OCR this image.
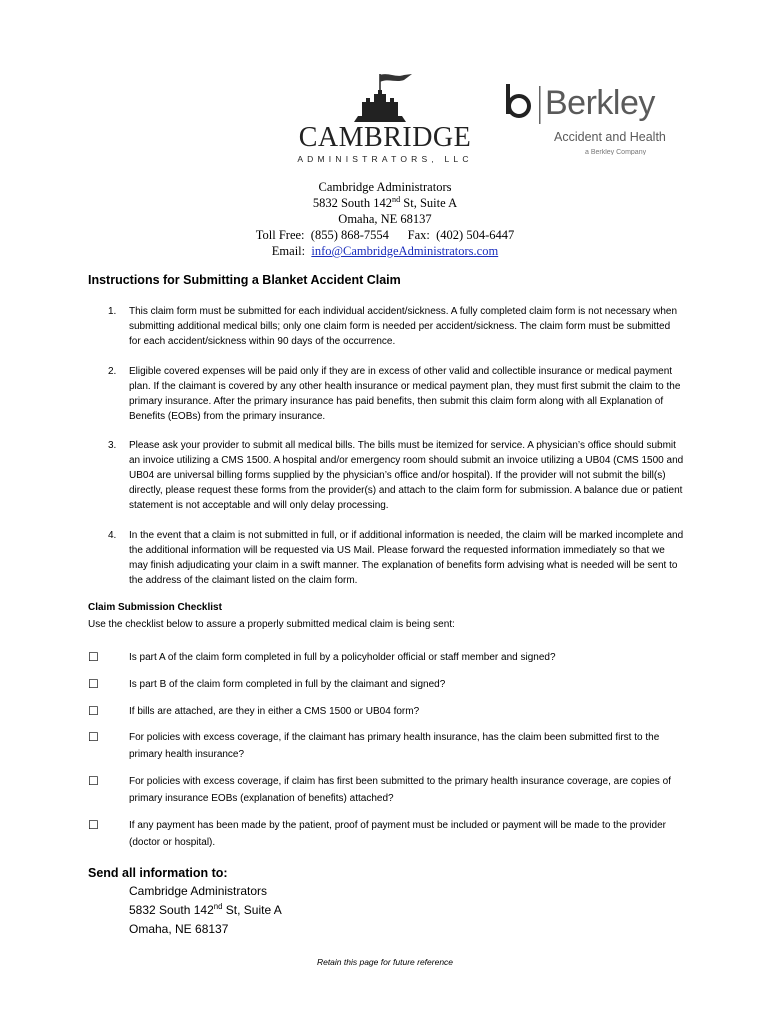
CAMBRIDGE
ADMINISTRATORS, LLC
Berkley
Accident and Health
a Berkley Company
Cambridge Administrators
5832 South 142nd St, Suite A
Omaha, NE 68137
Toll Free:  (855) 868-7554      Fax:  (402) 504-6447
Email:  info@CambridgeAdministrators.com
Instructions for Submitting a Blanket Accident Claim
1. This claim form must be submitted for each individual accident/sickness. A fully completed claim form is not necessary when submitting additional medical bills; only one claim form is needed per accident/sickness. The claim form must be submitted for each accident/sickness within 90 days of the occurrence.

2. Eligible covered expenses will be paid only if they are in excess of other valid and collectible insurance or medical payment plan. If the claimant is covered by any other health insurance or medical payment plan, they must first submit the claim to the primary insurance. After the primary insurance has paid benefits, then submit this claim form along with all Explanation of Benefits (EOBs) from the primary insurance.

3. Please ask your provider to submit all medical bills. The bills must be itemized for service. A physician’s office should submit an invoice utilizing a CMS 1500. A hospital and/or emergency room should submit an invoice utilizing a UB04 (CMS 1500 and UB04 are universal billing forms supplied by the physician’s office and/or hospital). If the provider will not submit the bill(s) directly, please request these forms from the provider(s) and attach to the claim form for submission. A balance due or patient statement is not acceptable and will only delay processing.

4. In the event that a claim is not submitted in full, or if additional information is needed, the claim will be marked incomplete and the additional information will be requested via US Mail. Please forward the requested information immediately so that we may finish adjudicating your claim in a swift manner. The explanation of benefits form advising what is needed will be sent to the address of the claimant listed on the claim form.

Claim Submission Checklist
Use the checklist below to assure a properly submitted medical claim is being sent:
☐	Is part A of the claim form completed in full by a policyholder official or staff member and signed?
☐	Is part B of the claim form completed in full by the claimant and signed?
☐	If bills are attached, are they in either a CMS 1500 or UB04 form?
☐	For policies with excess coverage, if the claimant has primary health insurance, has the claim been submitted first to the primary health insurance?
☐	For policies with excess coverage, if claim has first been submitted to the primary health insurance coverage, are copies of primary insurance EOBs (explanation of benefits) attached?
☐	If any payment has been made by the patient, proof of payment must be included or payment will be made to the provider (doctor or hospital).
Send all information to:
Cambridge Administrators
5832 South 142nd St, Suite A
Omaha, NE 68137
Retain this page for future reference
